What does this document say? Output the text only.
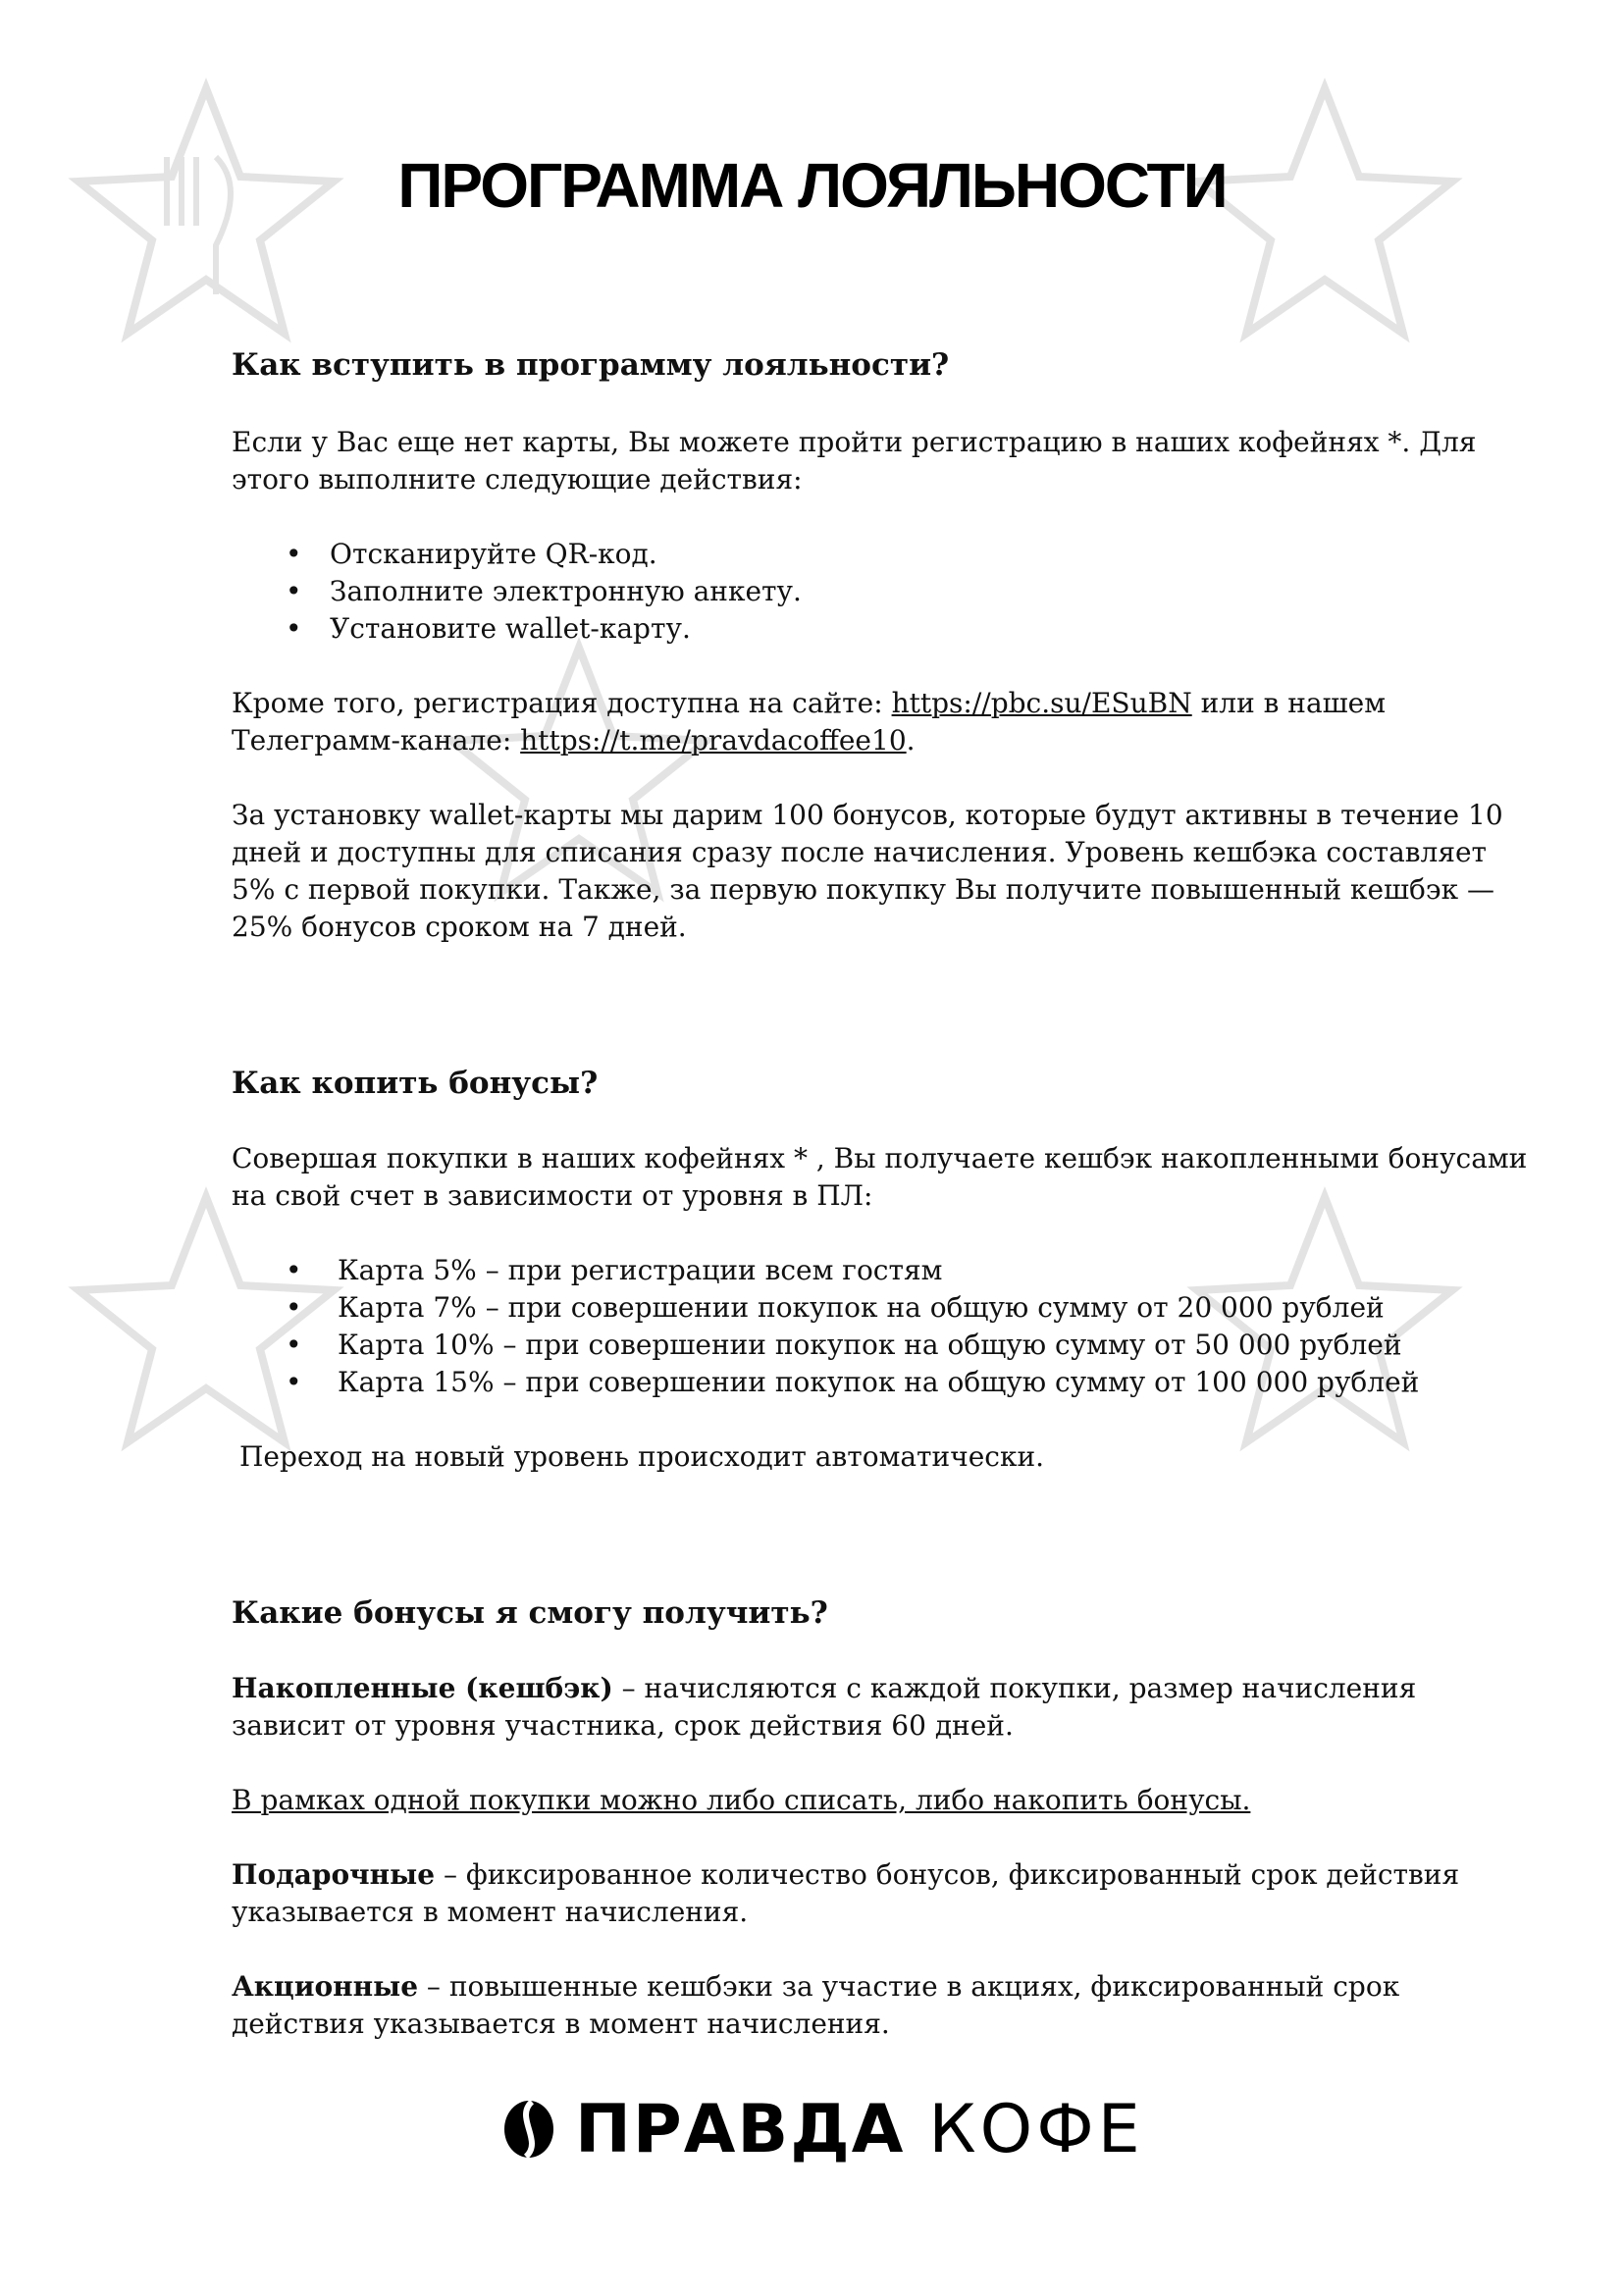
ПРОГРАММА ЛОЯЛЬНОСТИ
Как вступить в программу лояльности?

Если у Вас еще нет карты, Вы можете пройти регистрацию в наших кофейнях *. Для этого выполните следующие действия:

• Отсканируйте QR-код.
• Заполните электронную анкету.
• Установите wallet-карту.

Кроме того, регистрация доступна на сайте: https://pbc.su/ESuBN или в нашем Телеграмм-канале: https://t.me/pravdacoffee10.

За установку wallet-карты мы дарим 100 бонусов, которые будут активны в течение 10 дней и доступны для списания сразу после начисления. Уровень кешбэка составляет 5% с первой покупки. Также, за первую покупку Вы получите повышенный кешбэк — 25% бонусов сроком на 7 дней.

Как копить бонусы?

Совершая покупки в наших кофейнях * , Вы получаете кешбэк накопленными бонусами на свой счет в зависимости от уровня в ПЛ:

• Карта 5% – при регистрации всем гостям
• Карта 7% – при совершении покупок на общую сумму от 20 000 рублей
• Карта 10% – при совершении покупок на общую сумму от 50 000 рублей
• Карта 15% – при совершении покупок на общую сумму от 100 000 рублей

Переход на новый уровень происходит автоматически.

Какие бонусы я смогу получить?

Накопленные (кешбэк) – начисляются с каждой покупки, размер начисления зависит от уровня участника, срок действия 60 дней.

В рамках одной покупки можно либо списать, либо накопить бонусы.

Подарочные – фиксированное количество бонусов, фиксированный срок действия указывается в момент начисления.

Акционные – повышенные кешбэки за участие в акциях, фиксированный срок действия указывается в момент начисления.

ПРАВДА КОФЕ
